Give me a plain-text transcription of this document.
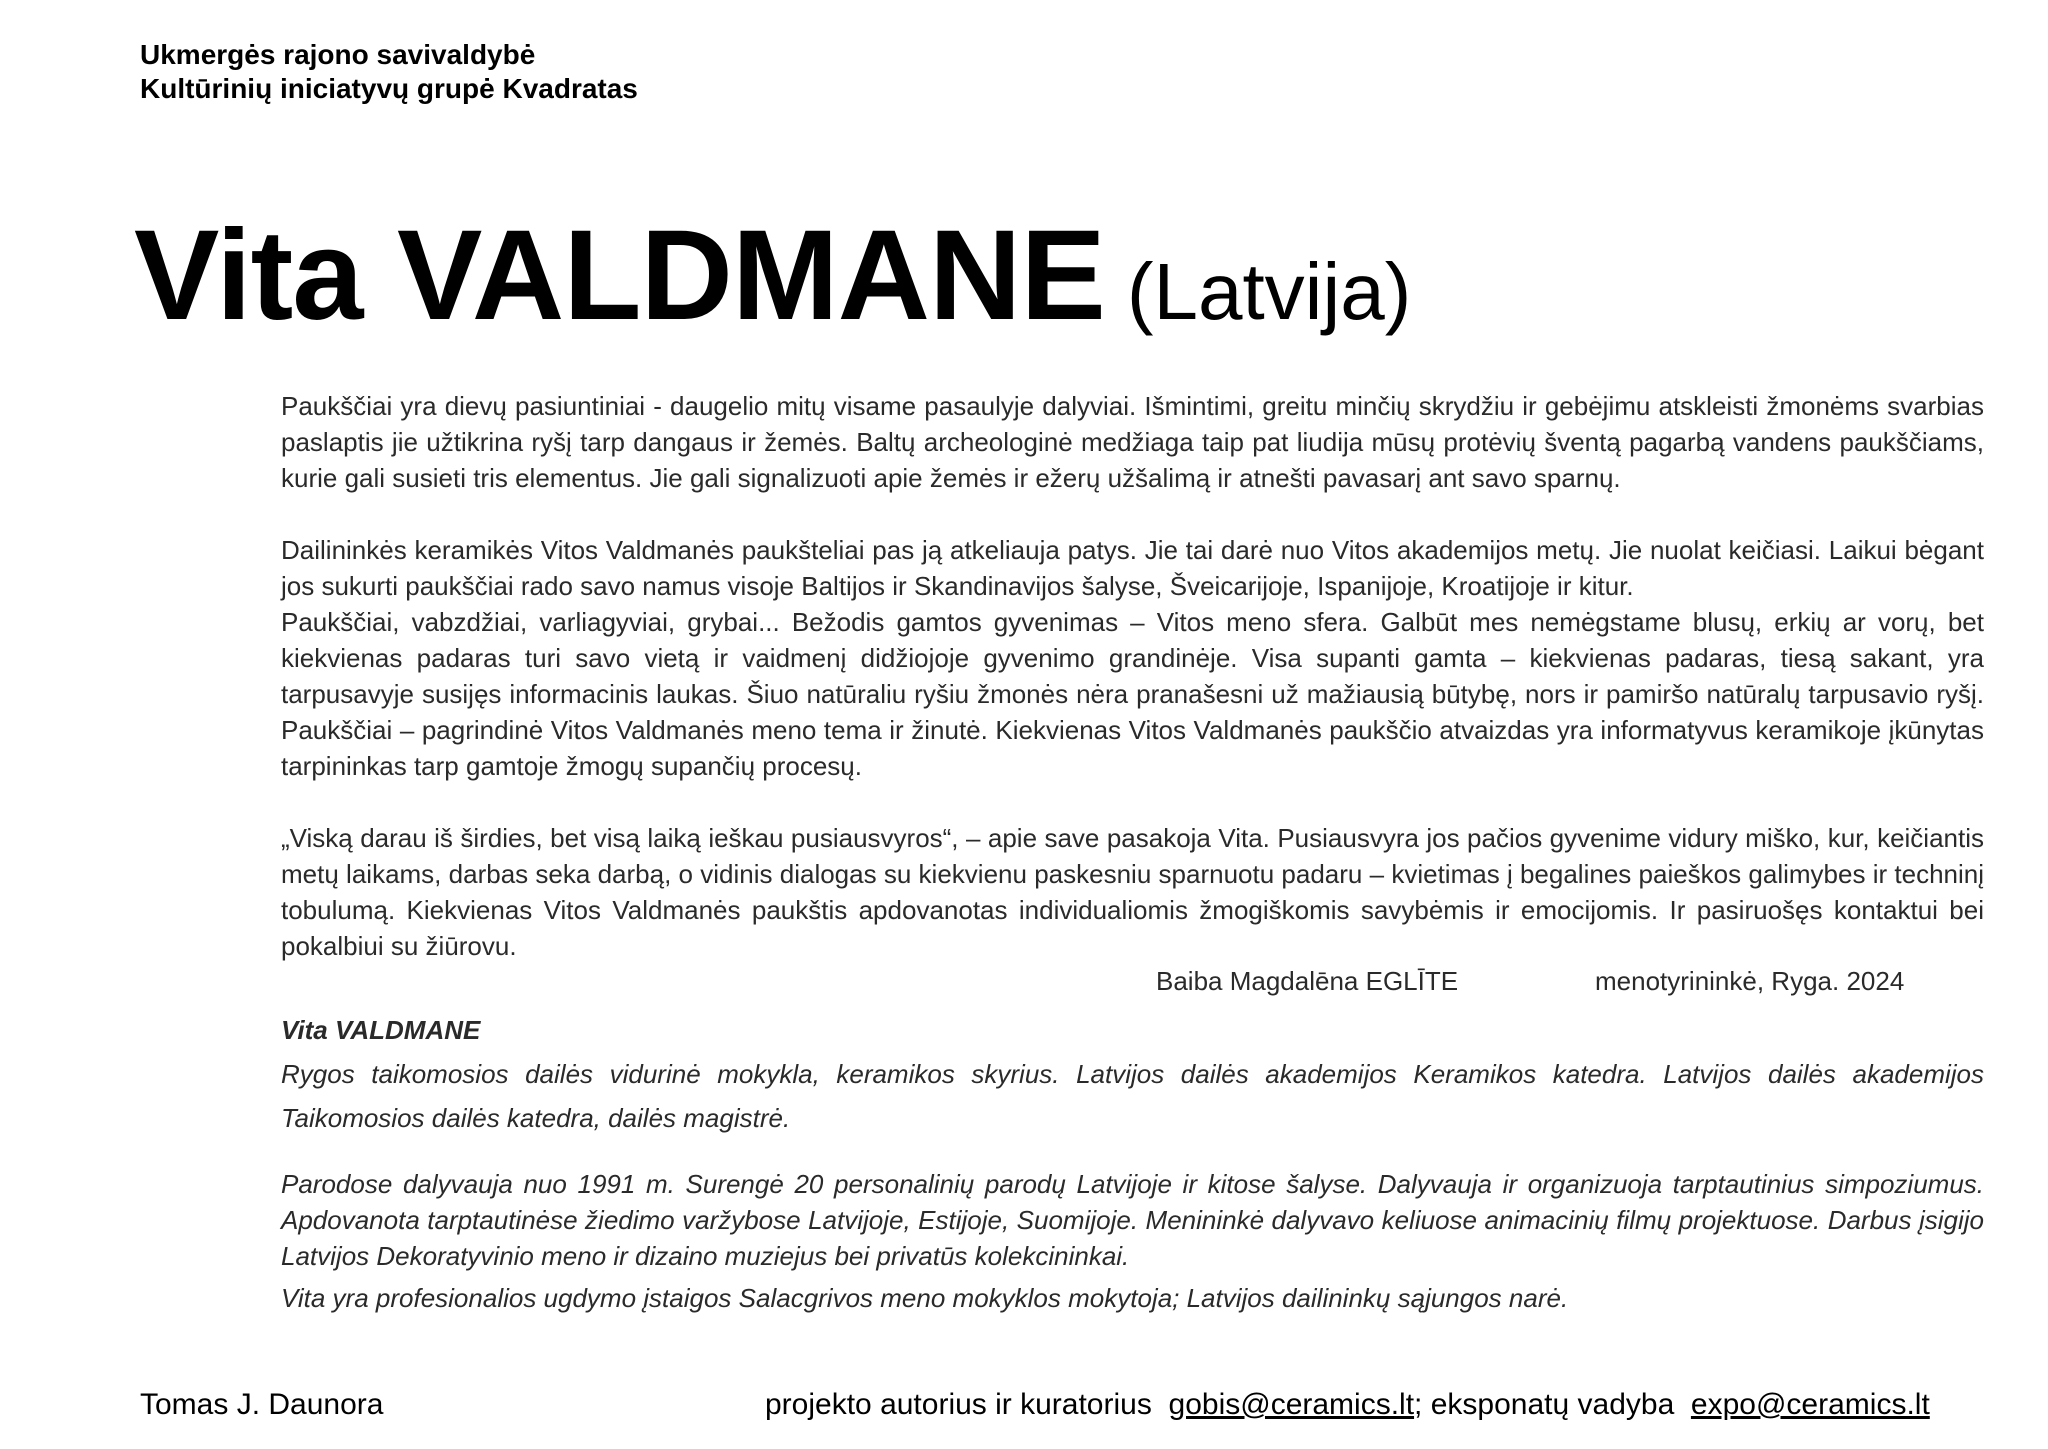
Ukmergės rajono savivaldybė
Kultūrinių iniciatyvų grupė Kvadratas
Vita VALDMANE (Latvija)

Paukščiai yra dievų pasiuntiniai - daugelio mitų visame pasaulyje dalyviai. Išmintimi, greitu minčių skrydžiu ir gebėjimu atskleisti žmonėms svarbias paslaptis jie užtikrina ryšį tarp dangaus ir žemės. Baltų archeologinė medžiaga taip pat liudija mūsų protėvių šventą pagarbą vandens paukščiams, kurie gali susieti tris elementus. Jie gali signalizuoti apie žemės ir ežerų užšalimą ir atnešti pavasarį ant savo sparnų.

Dailininkės keramikės Vitos Valdmanės paukšteliai pas ją atkeliauja patys. Jie tai darė nuo Vitos akademijos metų. Jie nuolat keičiasi. Laikui bėgant jos sukurti paukščiai rado savo namus visoje Baltijos ir Skandinavijos šalyse, Šveicarijoje, Ispanijoje, Kroatijoje ir kitur.

Paukščiai, vabzdžiai, varliagyviai, grybai... Bežodis gamtos gyvenimas – Vitos meno sfera. Galbūt mes nemėgstame blusų, erkių ar vorų, bet kiekvienas padaras turi savo vietą ir vaidmenį didžiojoje gyvenimo grandinėje. Visa supanti gamta – kiekvienas padaras, tiesą sakant, yra tarpusavyje susijęs informacinis laukas. Šiuo natūraliu ryšiu žmonės nėra pranašesni už mažiausią būtybę, nors ir pamiršo natūralų tarpusavio ryšį. Paukščiai – pagrindinė Vitos Valdmanės meno tema ir žinutė. Kiekvienas Vitos Valdmanės paukščio atvaizdas yra informatyvus keramikoje įkūnytas tarpininkas tarp gamtoje žmogų supančių procesų.

„Viską darau iš širdies, bet visą laiką ieškau pusiausvyros“, – apie save pasakoja Vita. Pusiausvyra jos pačios gyvenime vidury miško, kur, keičiantis metų laikams, darbas seka darbą, o vidinis dialogas su kiekvienu paskesniu sparnuotu padaru – kvietimas į begalines paieškos galimybes ir techninį tobulumą. Kiekvienas Vitos Valdmanės paukštis apdovanotas individualiomis žmogiškomis savybėmis ir emocijomis. Ir pasiruošęs kontaktui bei pokalbiui su žiūrovu.

Baiba Magdalēna EGLĪTE	menotyrininkė, Ryga. 2024
Vita VALDMANE

Rygos taikomosios dailės vidurinė mokykla, keramikos skyrius. Latvijos dailės akademijos Keramikos katedra. Latvijos dailės akademijos Taikomosios dailės katedra, dailės magistrė.

Parodose dalyvauja nuo 1991 m. Surengė 20 personalinių parodų Latvijoje ir kitose šalyse. Dalyvauja ir organizuoja tarptautinius simpoziumus. Apdovanota tarptautinėse žiedimo varžybose Latvijoje, Estijoje, Suomijoje. Menininkė dalyvavo keliuose animacinių filmų projektuose. Darbus įsigijo Latvijos Dekoratyvinio meno ir dizaino muziejus bei privatūs kolekcininkai.

Vita yra profesionalios ugdymo įstaigos Salacgrivos meno mokyklos mokytoja; Latvijos dailininkų sąjungos narė.

Tomas J. Daunora	projekto autorius ir kuratorius gobis@ceramics.lt; eksponatų vadyba expo@ceramics.lt
